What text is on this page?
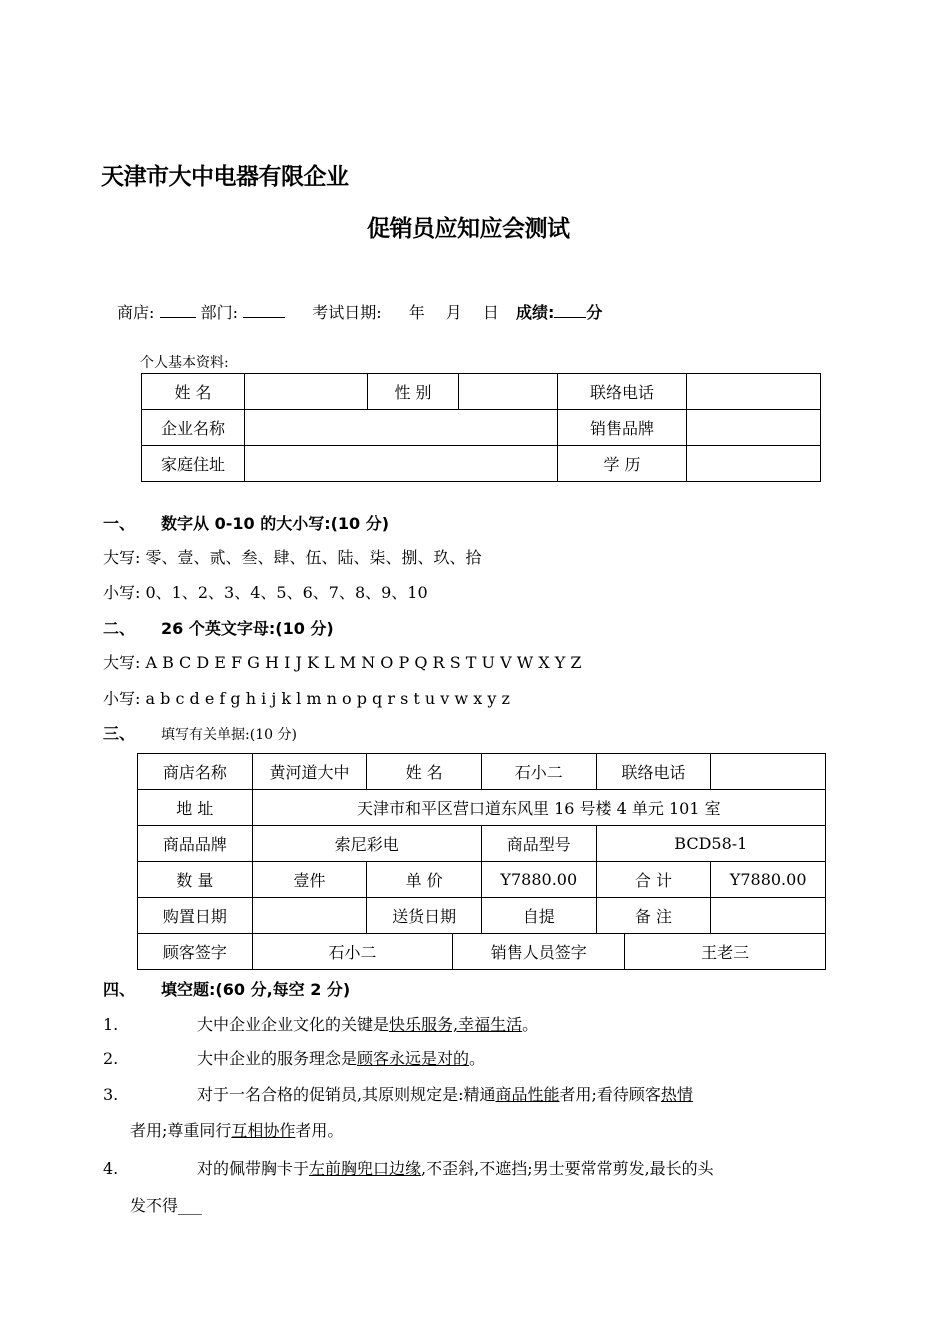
天津市大中电器有限企业
促销员应知应会测试
商店:	部门:	考试日期: 年 月 日 成绩: 分
个人基本资料:
姓 名		性 别		联络电话	
企业名称				销售品牌	
家庭住址				学 历	
一、 数字从 0-10 的大小写:(10 分)
大写: 零、壹、贰、叁、肆、伍、陆、柒、捌、玖、拾
小写: 0、1、2、3、4、5、6、7、8、9、10
二、 26 个英文字母:(10 分)
大写: A B C D E F G H I J K L M N O P Q R S T U V W X Y Z
小写: a b c d e f g h i j k l m n o p q r s t u v w x y z
三、 填写有关单据:(10 分)
商店名称	黄河道大中	姓 名		石小二	联络电话		
地 址	天津市和平区营口道东风里 16 号楼 4 单元 101 室						
商品品牌	索尼彩电			商品型号	BCD58-1		
数 量	壹件	单 价		Y7880.00	合 计		Y7880.00
购置日期		送货日期		自提	备 注		
顾客签字	石小二		销售人员签字			王老三	
四、 填空题:(60 分,每空 2 分)
1.	大中企业企业文化的关键是快乐服务,幸福生活。
2.	大中企业的服务理念是顾客永远是对的。
3.	对于一名合格的促销员,其原则规定是:精通商品性能者用;看待顾客热情
者用;尊重同行互相协作者用。
4.	对的佩带胸卡于左前胸兜口边缘,不歪斜,不遮挡;男士要常常剪发,最长的头
发不得___
